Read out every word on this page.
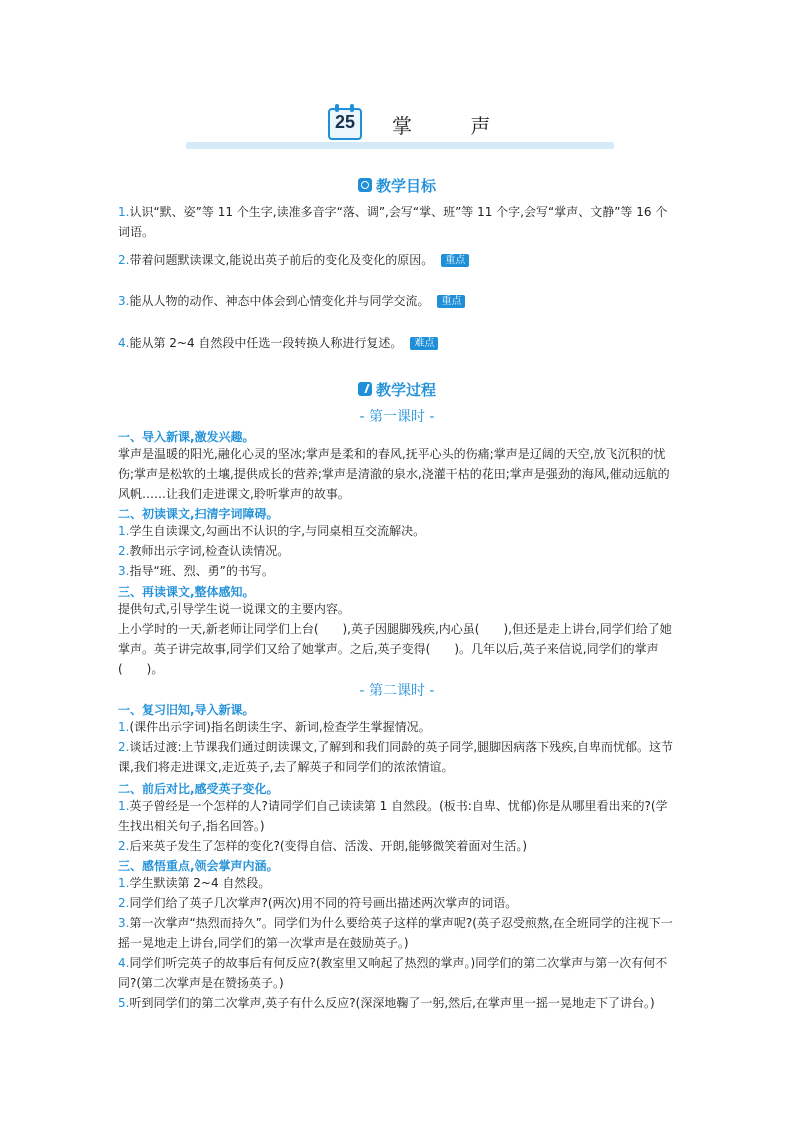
25	掌 声
教学目标
1.认识“默、姿”等 11 个生字,读准多音字“落、调”,会写“掌、班”等 11 个字,会写“掌声、文静”等 16 个词语。
2.带着问题默读课文,能说出英子前后的变化及变化的原因。 重点
3.能从人物的动作、神态中体会到心情变化并与同学交流。 重点
4.能从第 2~4 自然段中任选一段转换人称进行复述。 难点
教学过程
- 第一课时 -
一、导入新课,激发兴趣。
掌声是温暖的阳光,融化心灵的坚冰;掌声是柔和的春风,抚平心头的伤痛;掌声是辽阔的天空,放飞沉积的忧伤;掌声是松软的土壤,提供成长的营养;掌声是清澈的泉水,浇灌干枯的花田;掌声是强劲的海风,催动远航的风帆……让我们走进课文,聆听掌声的故事。
二、初读课文,扫清字词障碍。
1.学生自读课文,勾画出不认识的字,与同桌相互交流解决。
2.教师出示字词,检查认读情况。
3.指导“班、烈、勇”的书写。
三、再读课文,整体感知。
提供句式,引导学生说一说课文的主要内容。
上小学时的一天,新老师让同学们上台(　　),英子因腿脚残疾,内心虽(　　),但还是走上讲台,同学们给了她掌声。英子讲完故事,同学们又给了她掌声。之后,英子变得(　　)。几年以后,英子来信说,同学们的掌声(　　)。
- 第二课时 -
一、复习旧知,导入新课。
1.(课件出示字词)指名朗读生字、新词,检查学生掌握情况。
2.谈话过渡:上节课我们通过朗读课文,了解到和我们同龄的英子同学,腿脚因病落下残疾,自卑而忧郁。这节课,我们将走进课文,走近英子,去了解英子和同学们的浓浓情谊。
二、前后对比,感受英子变化。
1.英子曾经是一个怎样的人?请同学们自己读读第 1 自然段。(板书:自卑、忧郁)你是从哪里看出来的?(学生找出相关句子,指名回答。)
2.后来英子发生了怎样的变化?(变得自信、活泼、开朗,能够微笑着面对生活。)
三、感悟重点,领会掌声内涵。
1.学生默读第 2~4 自然段。
2.同学们给了英子几次掌声?(两次)用不同的符号画出描述两次掌声的词语。
3.第一次掌声“热烈而持久”。同学们为什么要给英子这样的掌声呢?(英子忍受煎熬,在全班同学的注视下一摇一晃地走上讲台,同学们的第一次掌声是在鼓励英子。)
4.同学们听完英子的故事后有何反应?(教室里又响起了热烈的掌声。)同学们的第二次掌声与第一次有何不同?(第二次掌声是在赞扬英子。)
5.听到同学们的第二次掌声,英子有什么反应?(深深地鞠了一躬,然后,在掌声里一摇一晃地走下了讲台。)
